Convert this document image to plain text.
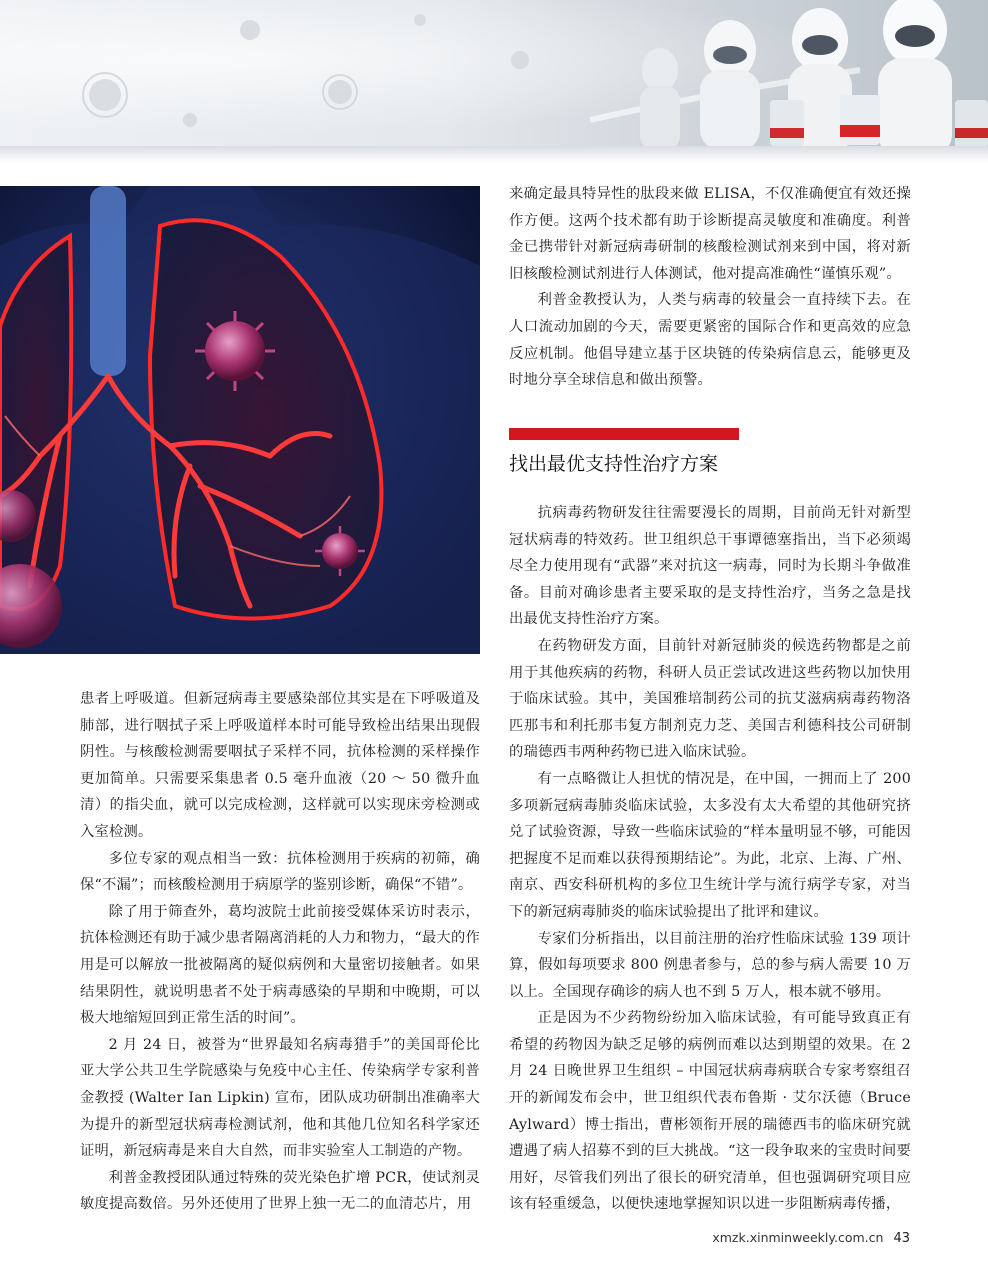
患者上呼吸道。但新冠病毒主要感染部位其实是在下呼吸道及肺部，进行咽拭子采上呼吸道样本时可能导致检出结果出现假阴性。与核酸检测需要咽拭子采样不同，抗体检测的采样操作更加简单。只需要采集患者 0.5 毫升血液（20 ～ 50 微升血清）的指尖血，就可以完成检测，这样就可以实现床旁检测或入室检测。

多位专家的观点相当一致：抗体检测用于疾病的初筛，确保“不漏”；而核酸检测用于病原学的鉴别诊断，确保“不错”。

除了用于筛查外，葛均波院士此前接受媒体采访时表示，抗体检测还有助于减少患者隔离消耗的人力和物力，“最大的作用是可以解放一批被隔离的疑似病例和大量密切接触者。如果结果阴性，就说明患者不处于病毒感染的早期和中晚期，可以极大地缩短回到正常生活的时间”。

2 月 24 日，被誉为“世界最知名病毒猎手”的美国哥伦比亚大学公共卫生学院感染与免疫中心主任、传染病学专家利普金教授 (Walter Ian Lipkin) 宣布，团队成功研制出准确率大为提升的新型冠状病毒检测试剂，他和其他几位知名科学家还证明，新冠病毒是来自大自然，而非实验室人工制造的产物。

利普金教授团队通过特殊的荧光染色扩增 PCR，使试剂灵敏度提高数倍。另外还使用了世界上独一无二的血清芯片，用

来确定最具特异性的肽段来做 ELISA，不仅准确便宜有效还操作方便。这两个技术都有助于诊断提高灵敏度和准确度。利普金已携带针对新冠病毒研制的核酸检测试剂来到中国，将对新旧核酸检测试剂进行人体测试，他对提高准确性“谨慎乐观”。

利普金教授认为，人类与病毒的较量会一直持续下去。在人口流动加剧的今天，需要更紧密的国际合作和更高效的应急反应机制。他倡导建立基于区块链的传染病信息云，能够更及时地分享全球信息和做出预警。

找出最优支持性治疗方案

抗病毒药物研发往往需要漫长的周期，目前尚无针对新型冠状病毒的特效药。世卫组织总干事谭德塞指出，当下必须竭尽全力使用现有“武器”来对抗这一病毒，同时为长期斗争做准备。目前对确诊患者主要采取的是支持性治疗，当务之急是找出最优支持性治疗方案。

在药物研发方面，目前针对新冠肺炎的候选药物都是之前用于其他疾病的药物，科研人员正尝试改进这些药物以加快用于临床试验。其中，美国雅培制药公司的抗艾滋病病毒药物洛匹那韦和利托那韦复方制剂克力芝、美国吉利德科技公司研制的瑞德西韦两种药物已进入临床试验。

有一点略微让人担忧的情况是，在中国，一拥而上了 200 多项新冠病毒肺炎临床试验，太多没有太大希望的其他研究挤兑了试验资源，导致一些临床试验的“样本量明显不够，可能因把握度不足而难以获得预期结论”。为此，北京、上海、广州、南京、西安科研机构的多位卫生统计学与流行病学专家，对当下的新冠病毒肺炎的临床试验提出了批评和建议。

专家们分析指出，以目前注册的治疗性临床试验 139 项计算，假如每项要求 800 例患者参与，总的参与病人需要 10 万以上。全国现存确诊的病人也不到 5 万人，根本就不够用。

正是因为不少药物纷纷加入临床试验，有可能导致真正有希望的药物因为缺乏足够的病例而难以达到期望的效果。在 2 月 24 日晚世界卫生组织 – 中国冠状病毒病联合专家考察组召开的新闻发布会中，世卫组织代表布鲁斯 · 艾尔沃德（Bruce Aylward）博士指出，曹彬领衔开展的瑞德西韦的临床研究就遭遇了病人招募不到的巨大挑战。“这一段争取来的宝贵时间要用好，尽管我们列出了很长的研究清单，但也强调研究项目应该有轻重缓急，以便快速地掌握知识以进一步阻断病毒传播，

xmzk.xinminweekly.com.cn 43
